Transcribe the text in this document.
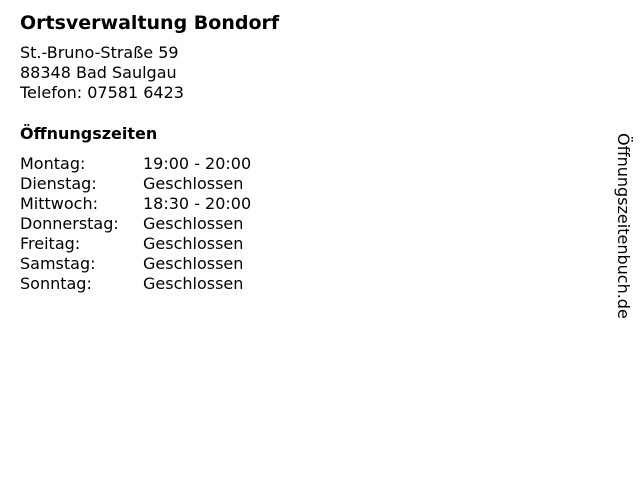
Ortsverwaltung Bondorf
St.-Bruno-Straße 59
88348 Bad Saulgau
Telefon: 07581 6423
Öffnungszeiten
Montag:	19:00 - 20:00
Dienstag:	Geschlossen
Mittwoch:	18:30 - 20:00
Donnerstag:	Geschlossen
Freitag:	Geschlossen
Samstag:	Geschlossen
Sonntag:	Geschlossen	Öffnungszeitenbuch.de
